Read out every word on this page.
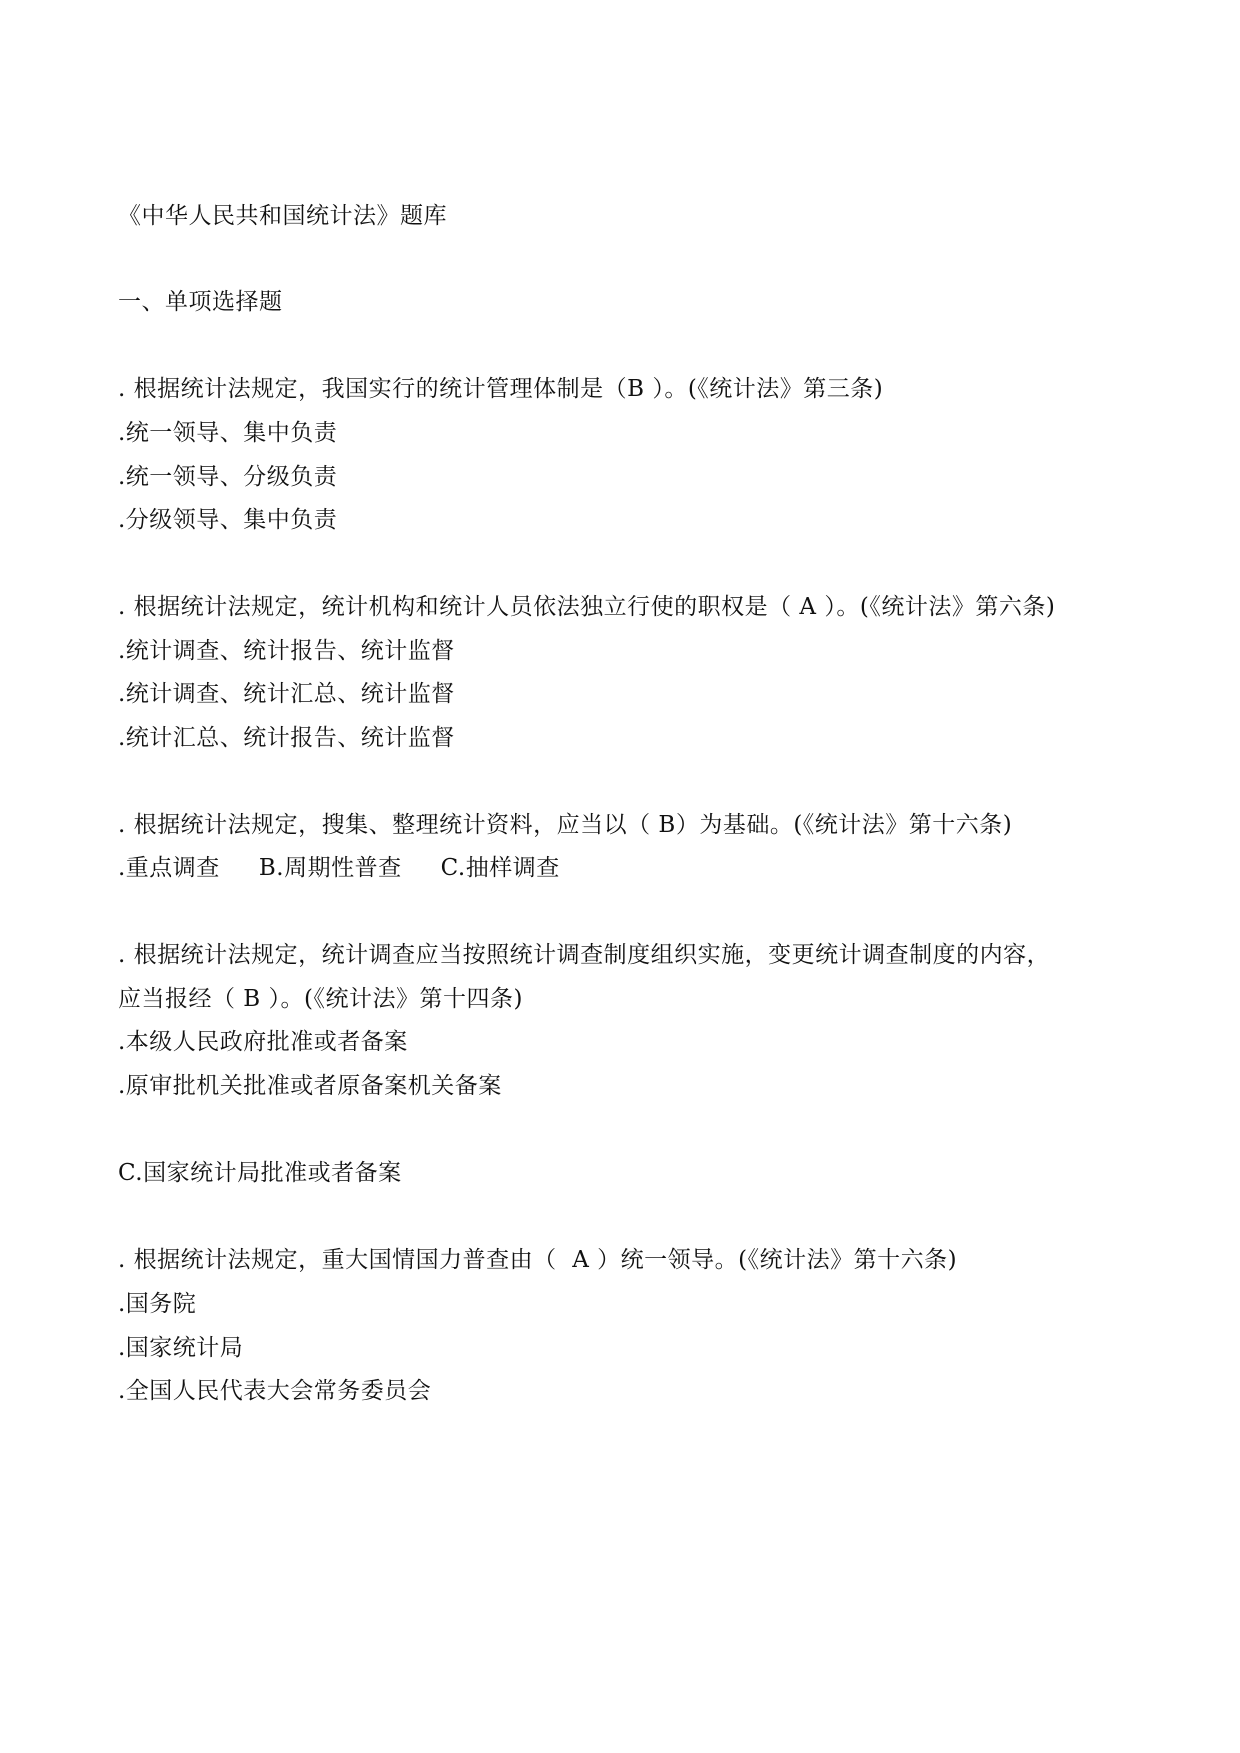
《中华人民共和国统计法》题库
一、单项选择题
. 根据统计法规定，我国实行的统计管理体制是（B ）。(《统计法》第三条)
.统一领导、集中负责
.统一领导、分级负责
.分级领导、集中负责
. 根据统计法规定，统计机构和统计人员依法独立行使的职权是（ A ）。(《统计法》第六条)
.统计调查、统计报告、统计监督
.统计调查、统计汇总、统计监督
.统计汇总、统计报告、统计监督
. 根据统计法规定，搜集、整理统计资料，应当以（ B）为基础。(《统计法》第十六条)
.重点调查     B.周期性普查     C.抽样调查
. 根据统计法规定，统计调查应当按照统计调查制度组织实施，变更统计调查制度的内容，
应当报经（ B ）。(《统计法》第十四条)
.本级人民政府批准或者备案
.原审批机关批准或者原备案机关备案
C.国家统计局批准或者备案
. 根据统计法规定，重大国情国力普查由（  A ）统一领导。(《统计法》第十六条)
.国务院
.国家统计局
.全国人民代表大会常务委员会
